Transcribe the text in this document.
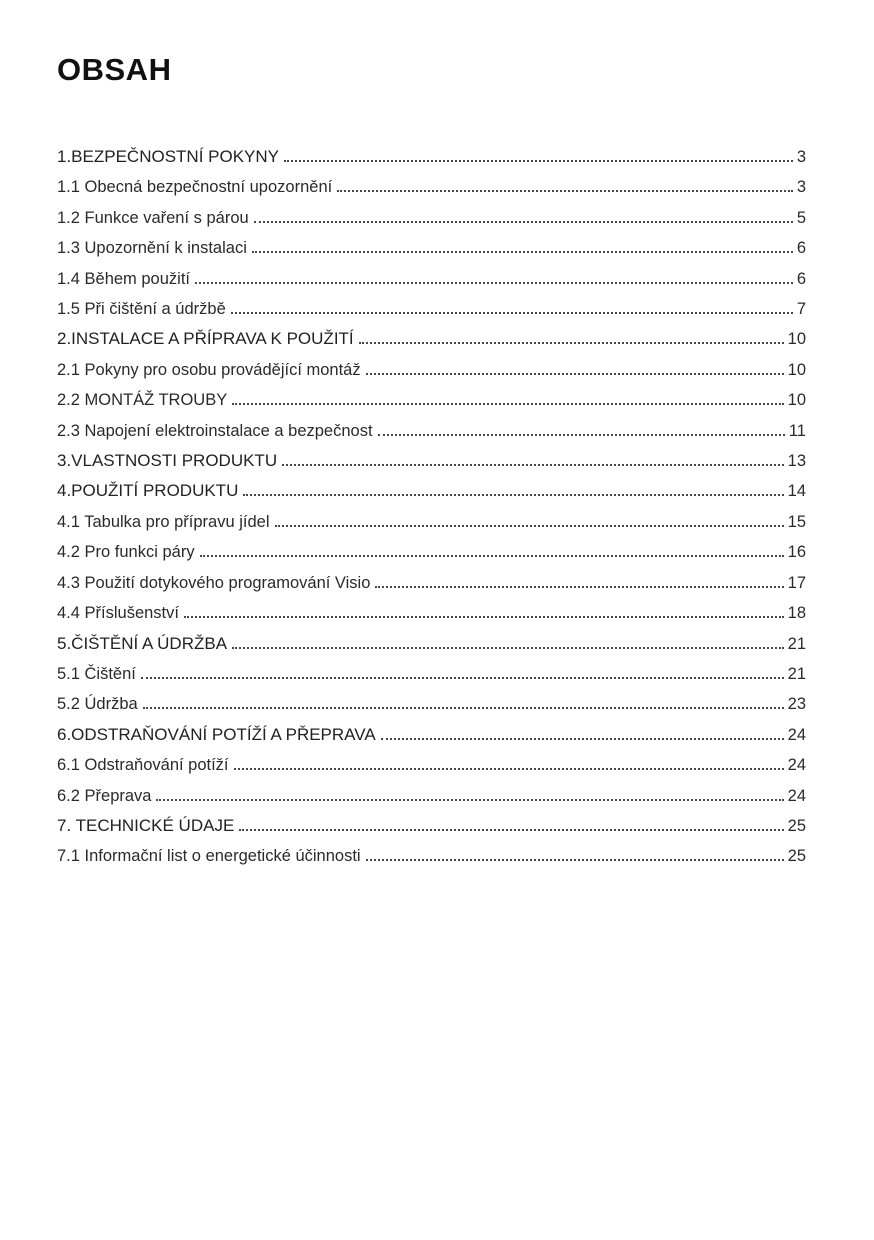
OBSAH
1.BEZPEČNOSTNÍ POKYNY	3
1.1 Obecná bezpečnostní upozornění	3
1.2 Funkce vaření s párou	5
1.3 Upozornění k instalaci	6
1.4 Během použití	6
1.5 Při čištění a údržbě	7
2.INSTALACE A PŘÍPRAVA K POUŽITÍ	10
2.1 Pokyny pro osobu provádějící montáž	10
2.2 MONTÁŽ TROUBY	10
2.3 Napojení elektroinstalace a bezpečnost	11
3.VLASTNOSTI PRODUKTU	13
4.POUŽITÍ PRODUKTU	14
4.1 Tabulka pro přípravu jídel	15
4.2 Pro funkci páry	16
4.3 Použití dotykového programování Visio	17
4.4 Příslušenství	18
5.ČIŠTĚNÍ A ÚDRŽBA	21
5.1 Čištění	21
5.2 Údržba	23
6.ODSTRAŇOVÁNÍ POTÍŽÍ A PŘEPRAVA	24
6.1 Odstraňování potíží	24
6.2 Přeprava	24
7. TECHNICKÉ ÚDAJE	25
7.1 Informační list o energetické účinnosti	25
